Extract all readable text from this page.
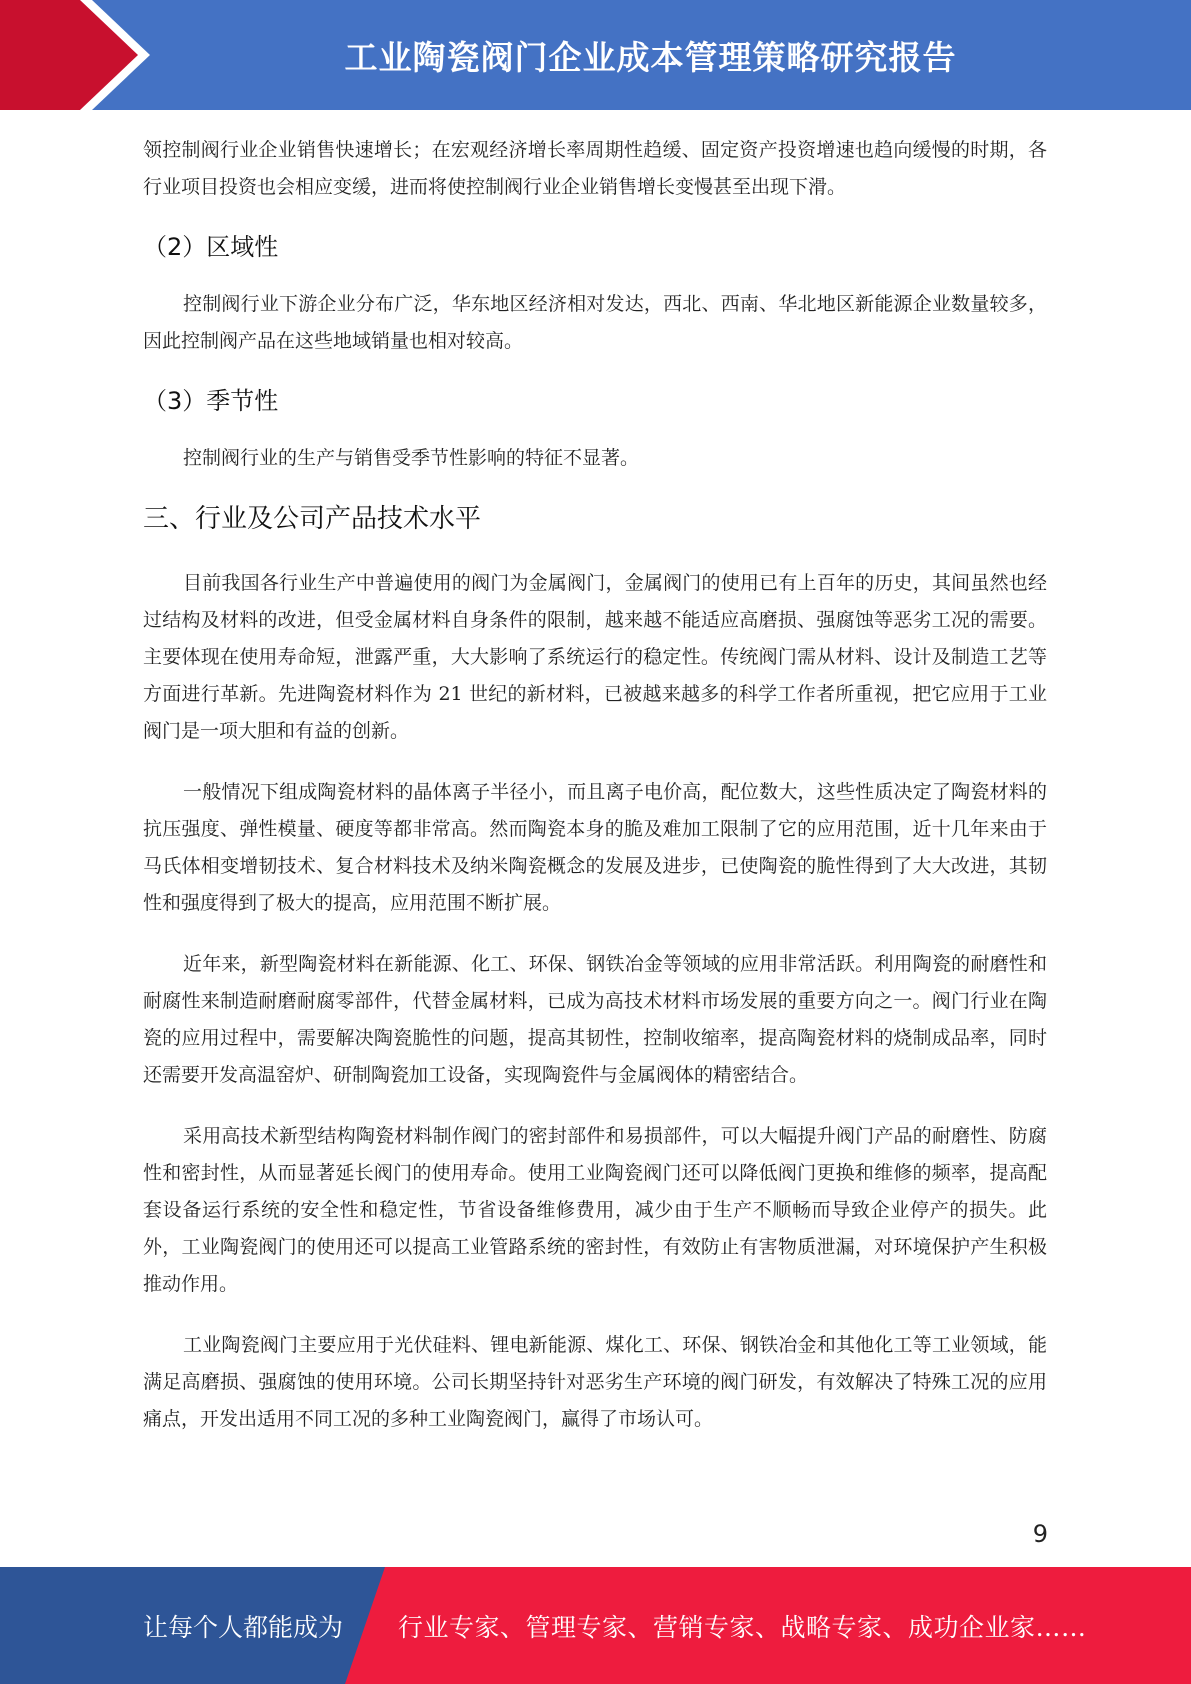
工业陶瓷阀门企业成本管理策略研究报告

领控制阀行业企业销售快速增长；在宏观经济增长率周期性趋缓、固定资产投资增速也趋向缓慢的时期，各行业项目投资也会相应变缓，进而将使控制阀行业企业销售增长变慢甚至出现下滑。

（2）区域性

控制阀行业下游企业分布广泛，华东地区经济相对发达，西北、西南、华北地区新能源企业数量较多，因此控制阀产品在这些地域销量也相对较高。

（3）季节性

控制阀行业的生产与销售受季节性影响的特征不显著。

三、行业及公司产品技术水平

目前我国各行业生产中普遍使用的阀门为金属阀门，金属阀门的使用已有上百年的历史，其间虽然也经过结构及材料的改进，但受金属材料自身条件的限制，越来越不能适应高磨损、强腐蚀等恶劣工况的需要。主要体现在使用寿命短，泄露严重，大大影响了系统运行的稳定性。传统阀门需从材料、设计及制造工艺等方面进行革新。先进陶瓷材料作为 21 世纪的新材料，已被越来越多的科学工作者所重视，把它应用于工业阀门是一项大胆和有益的创新。

一般情况下组成陶瓷材料的晶体离子半径小，而且离子电价高，配位数大，这些性质决定了陶瓷材料的抗压强度、弹性模量、硬度等都非常高。然而陶瓷本身的脆及难加工限制了它的应用范围，近十几年来由于马氏体相变增韧技术、复合材料技术及纳米陶瓷概念的发展及进步，已使陶瓷的脆性得到了大大改进，其韧性和强度得到了极大的提高，应用范围不断扩展。

近年来，新型陶瓷材料在新能源、化工、环保、钢铁冶金等领域的应用非常活跃。利用陶瓷的耐磨性和耐腐性来制造耐磨耐腐零部件，代替金属材料，已成为高技术材料市场发展的重要方向之一。阀门行业在陶瓷的应用过程中，需要解决陶瓷脆性的问题，提高其韧性，控制收缩率，提高陶瓷材料的烧制成品率，同时还需要开发高温窑炉、研制陶瓷加工设备，实现陶瓷件与金属阀体的精密结合。

采用高技术新型结构陶瓷材料制作阀门的密封部件和易损部件，可以大幅提升阀门产品的耐磨性、防腐性和密封性，从而显著延长阀门的使用寿命。使用工业陶瓷阀门还可以降低阀门更换和维修的频率，提高配套设备运行系统的安全性和稳定性，节省设备维修费用，减少由于生产不顺畅而导致企业停产的损失。此外，工业陶瓷阀门的使用还可以提高工业管路系统的密封性，有效防止有害物质泄漏，对环境保护产生积极推动作用。

工业陶瓷阀门主要应用于光伏硅料、锂电新能源、煤化工、环保、钢铁冶金和其他化工等工业领域，能满足高磨损、强腐蚀的使用环境。公司长期坚持针对恶劣生产环境的阀门研发，有效解决了特殊工况的应用痛点，开发出适用不同工况的多种工业陶瓷阀门，赢得了市场认可。

9
让每个人都能成为 行业专家、管理专家、营销专家、战略专家、成功企业家……
